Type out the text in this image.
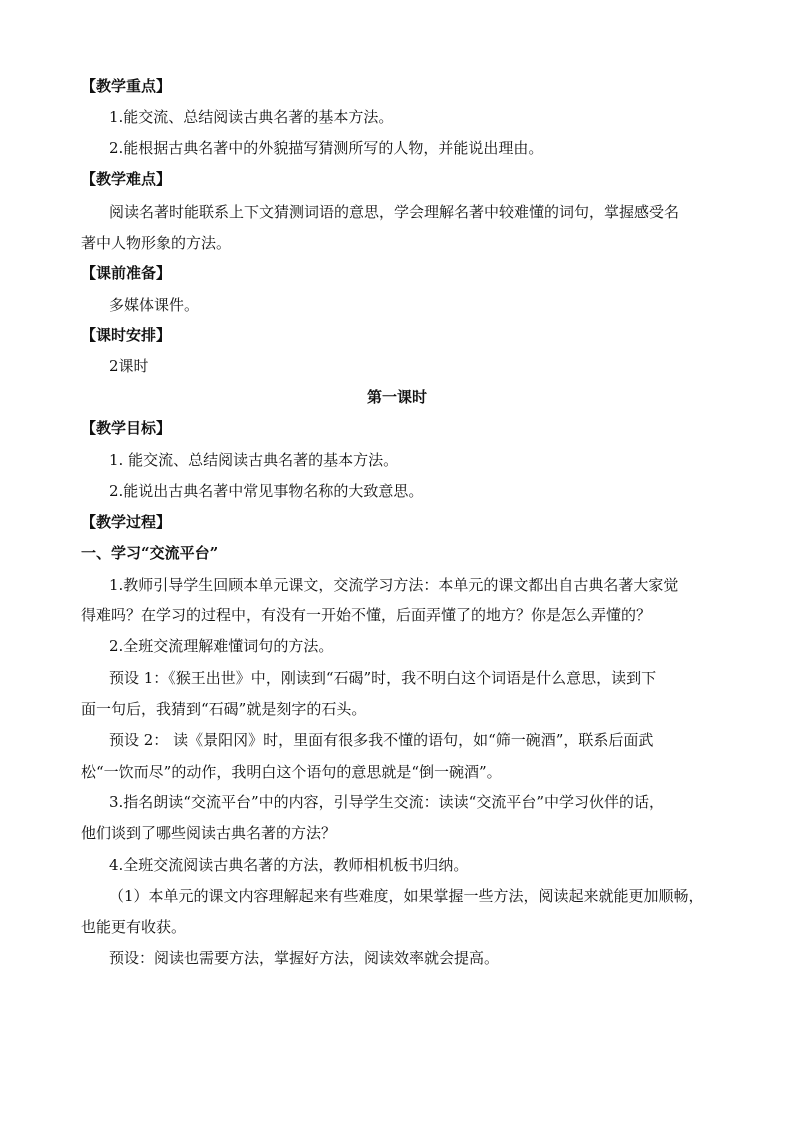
【教学重点】
1.能交流、总结阅读古典名著的基本方法。
2.能根据古典名著中的外貌描写猜测所写的人物，并能说出理由。
【教学难点】
阅读名著时能联系上下文猜测词语的意思，学会理解名著中较难懂的词句，掌握感受名
著中人物形象的方法。
【课前准备】
多媒体课件。
【课时安排】
2课时
第一课时
【教学目标】
1. 能交流、总结阅读古典名著的基本方法。
2.能说出古典名著中常见事物名称的大致意思。
【教学过程】
一、学习“交流平台”
1.教师引导学生回顾本单元课文，交流学习方法：本单元的课文都出自古典名著大家觉
得难吗？在学习的过程中，有没有一开始不懂，后面弄懂了的地方？你是怎么弄懂的？
2.全班交流理解难懂词句的方法。
预设 1：《猴王出世》中，刚读到“石碣”时，我不明白这个词语是什么意思，读到下
面一句后，我猜到“石碣”就是刻字的石头。
预设 2： 读《景阳冈》时，里面有很多我不懂的语句，如“筛一碗酒”，联系后面武
松“一饮而尽”的动作，我明白这个语句的意思就是“倒一碗酒”。
3.指名朗读“交流平台”中的内容，引导学生交流：读读“交流平台”中学习伙伴的话，
他们谈到了哪些阅读古典名著的方法？
4.全班交流阅读古典名著的方法，教师相机板书归纳。
（1）本单元的课文内容理解起来有些难度，如果掌握一些方法，阅读起来就能更加顺畅，
也能更有收获。
预设：阅读也需要方法，掌握好方法，阅读效率就会提高。
